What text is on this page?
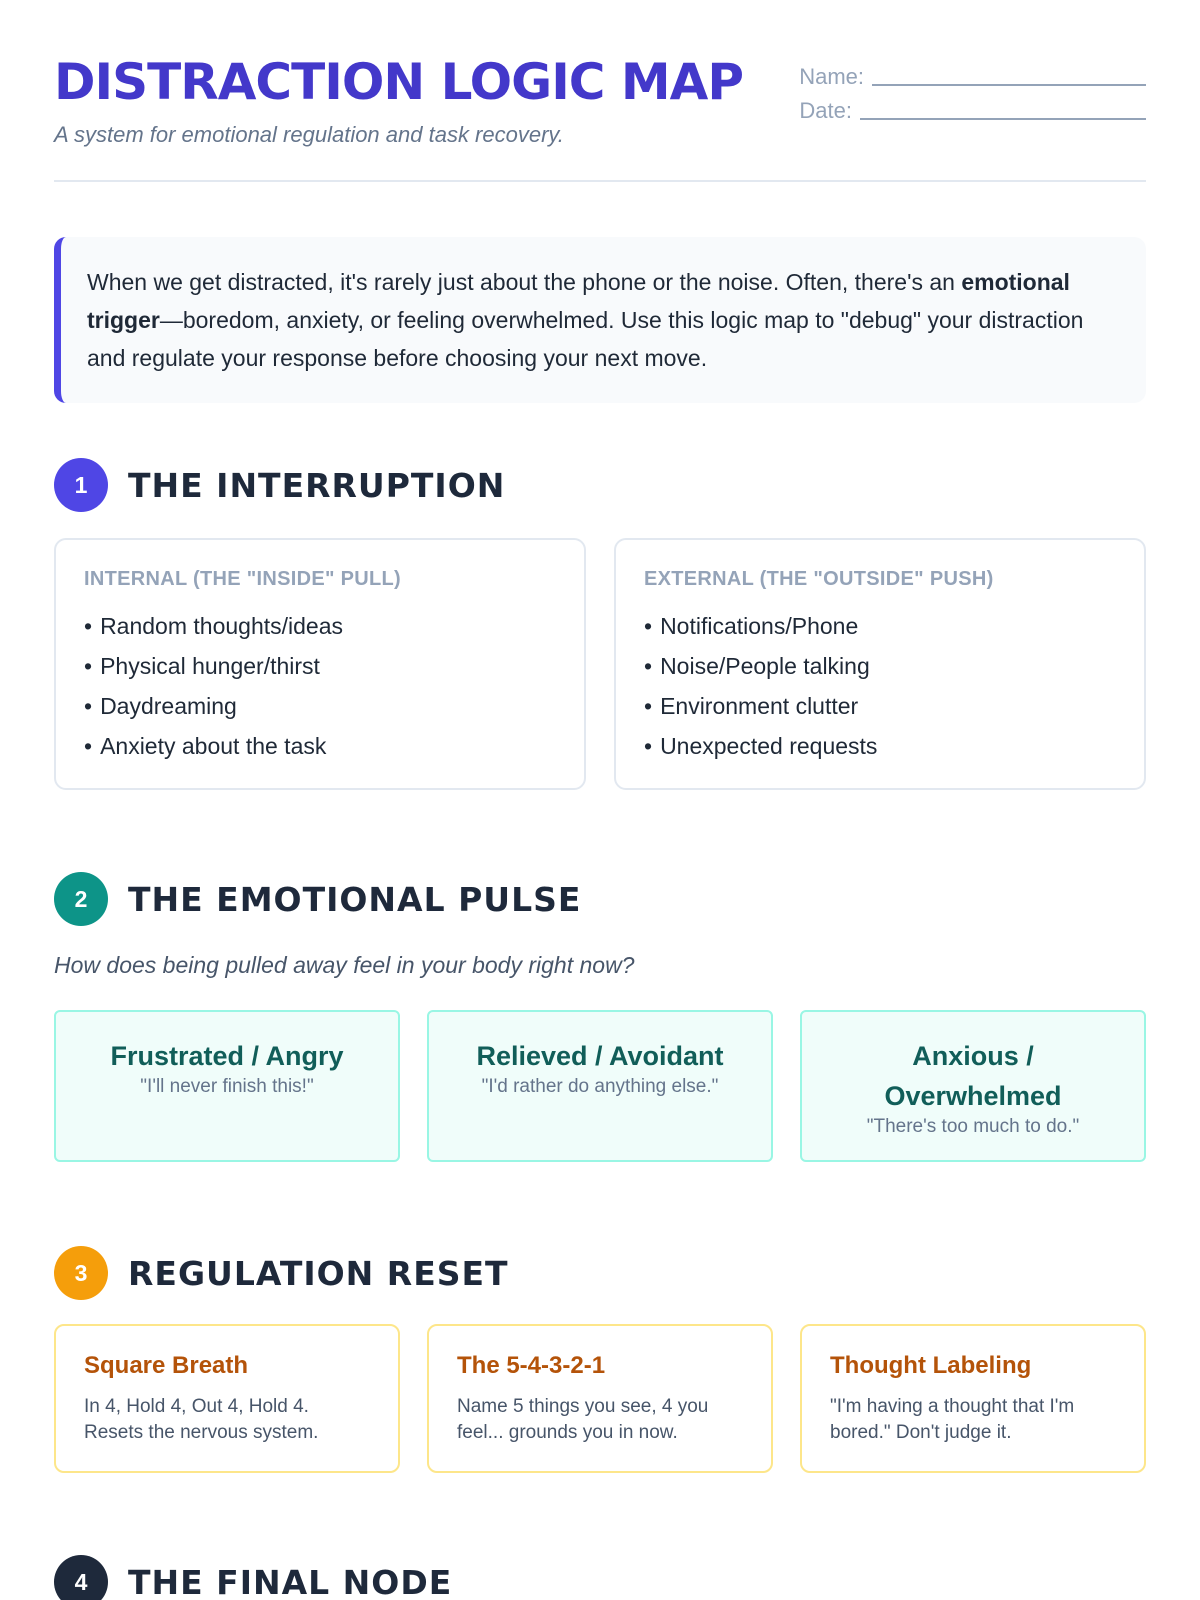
DISTRACTION LOGIC MAP
A system for emotional regulation and task recovery.
Name:
Date:
When we get distracted, it's rarely just about the phone or the noise. Often, there's an emotional trigger—boredom, anxiety, or feeling overwhelmed. Use this logic map to "debug" your distraction and regulate your response before choosing your next move.
1	THE INTERRUPTION
INTERNAL (THE "INSIDE" PULL)
• Random thoughts/ideas
• Physical hunger/thirst
• Daydreaming
• Anxiety about the task
EXTERNAL (THE "OUTSIDE" PUSH)
• Notifications/Phone
• Noise/People talking
• Environment clutter
• Unexpected requests
2	THE EMOTIONAL PULSE
How does being pulled away feel in your body right now?
Frustrated / Angry
"I'll never finish this!"
Relieved / Avoidant
"I'd rather do anything else."
Anxious / Overwhelmed
"There's too much to do."
3	REGULATION RESET
Square Breath
In 4, Hold 4, Out 4, Hold 4. Resets the nervous system.
The 5-4-3-2-1
Name 5 things you see, 4 you feel... grounds you in now.
Thought Labeling
"I'm having a thought that I'm bored." Don't judge it.
4	THE FINAL NODE
